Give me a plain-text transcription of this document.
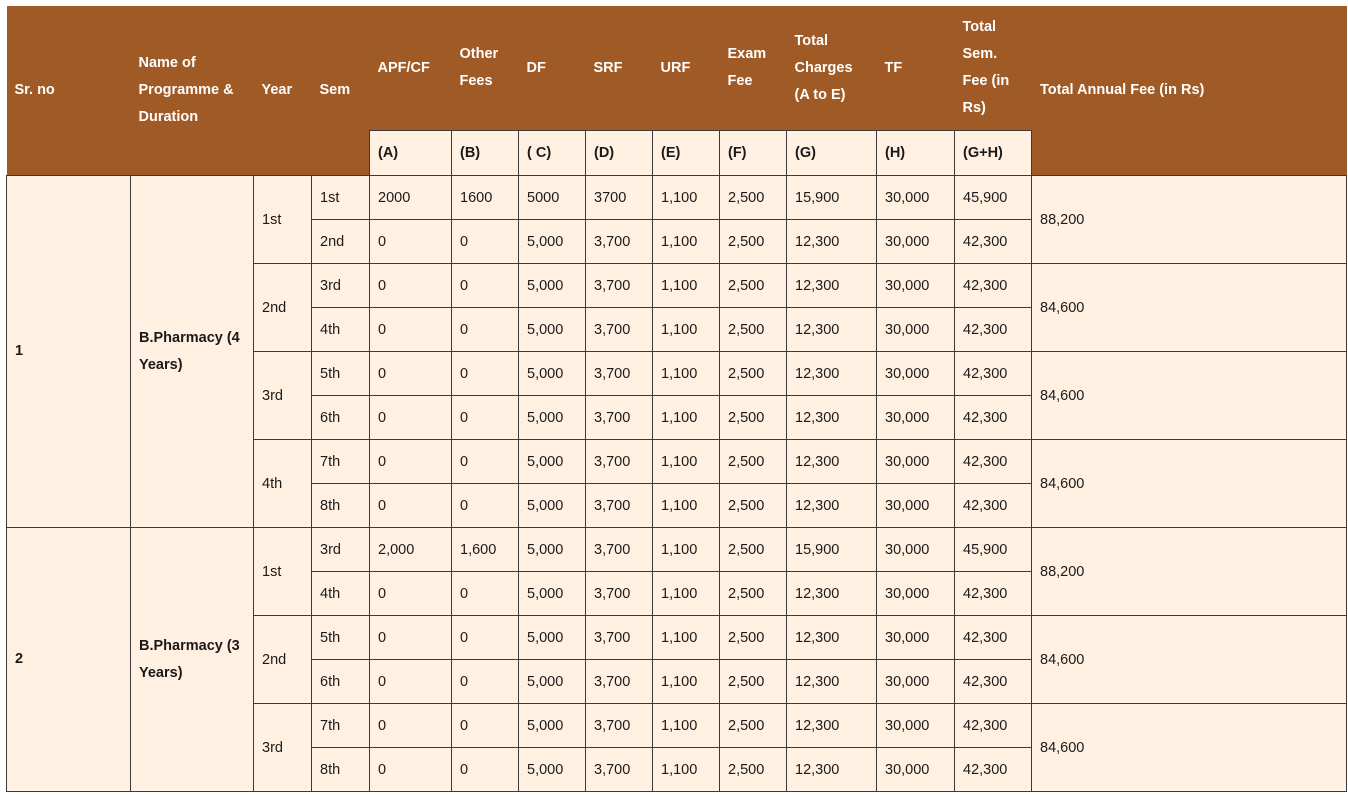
Sr. no	Name of Programme & Duration	Year	Sem	APF/CF	Other Fees	DF	SRF	URF	Exam Fee	Total Charges (A to E)	TF	Total Sem. Fee (in Rs)	Total Annual Fee (in Rs)
				(A)	(B)	( C)	(D)	(E)	(F)	(G)	(H)	(G+H)	
1	B.Pharmacy (4 Years)	1st	1st	2000	1600	5000	3700	1,100	2,500	15,900	30,000	45,900	88,200
			2nd	0	0	5,000	3,700	1,100	2,500	12,300	30,000	42,300	
		2nd	3rd	0	0	5,000	3,700	1,100	2,500	12,300	30,000	42,300	84,600
			4th	0	0	5,000	3,700	1,100	2,500	12,300	30,000	42,300	
		3rd	5th	0	0	5,000	3,700	1,100	2,500	12,300	30,000	42,300	84,600
			6th	0	0	5,000	3,700	1,100	2,500	12,300	30,000	42,300	
		4th	7th	0	0	5,000	3,700	1,100	2,500	12,300	30,000	42,300	84,600
			8th	0	0	5,000	3,700	1,100	2,500	12,300	30,000	42,300	
2	B.Pharmacy (3 Years)	1st	3rd	2,000	1,600	5,000	3,700	1,100	2,500	15,900	30,000	45,900	88,200
			4th	0	0	5,000	3,700	1,100	2,500	12,300	30,000	42,300	
		2nd	5th	0	0	5,000	3,700	1,100	2,500	12,300	30,000	42,300	84,600
			6th	0	0	5,000	3,700	1,100	2,500	12,300	30,000	42,300	
		3rd	7th	0	0	5,000	3,700	1,100	2,500	12,300	30,000	42,300	84,600
			8th	0	0	5,000	3,700	1,100	2,500	12,300	30,000	42,300	
